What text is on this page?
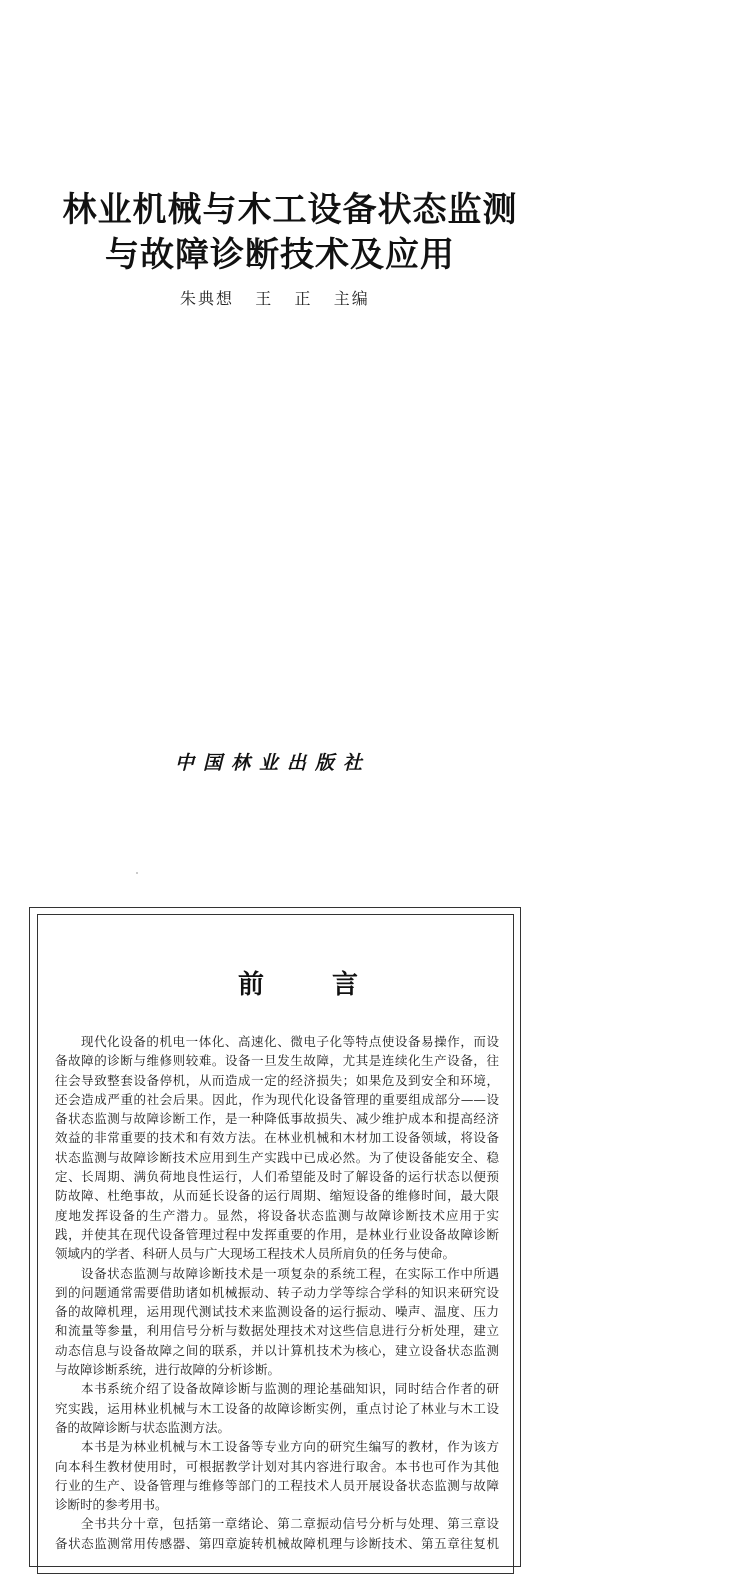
林业机械与木工设备状态监测
与故障诊断技术及应用
朱典想   王   正   主编
中国林业出版社
前	言
现代化设备的机电一体化、高速化、微电子化等特点使设备易操作，而设
备故障的诊断与维修则较难。设备一旦发生故障，尤其是连续化生产设备，往
往会导致整套设备停机，从而造成一定的经济损失；如果危及到安全和环境，
还会造成严重的社会后果。因此，作为现代化设备管理的重要组成部分——设
备状态监测与故障诊断工作，是一种降低事故损失、减少维护成本和提高经济
效益的非常重要的技术和有效方法。在林业机械和木材加工设备领域，将设备
状态监测与故障诊断技术应用到生产实践中已成必然。为了使设备能安全、稳
定、长周期、满负荷地良性运行，人们希望能及时了解设备的运行状态以便预
防故障、杜绝事故，从而延长设备的运行周期、缩短设备的维修时间，最大限
度地发挥设备的生产潜力。显然，将设备状态监测与故障诊断技术应用于实
践，并使其在现代设备管理过程中发挥重要的作用，是林业行业设备故障诊断
领域内的学者、科研人员与广大现场工程技术人员所肩负的任务与使命。
设备状态监测与故障诊断技术是一项复杂的系统工程，在实际工作中所遇
到的问题通常需要借助诸如机械振动、转子动力学等综合学科的知识来研究设
备的故障机理，运用现代测试技术来监测设备的运行振动、噪声、温度、压力
和流量等参量，利用信号分析与数据处理技术对这些信息进行分析处理，建立
动态信息与设备故障之间的联系，并以计算机技术为核心，建立设备状态监测
与故障诊断系统，进行故障的分析诊断。
本书系统介绍了设备故障诊断与监测的理论基础知识，同时结合作者的研
究实践，运用林业机械与木工设备的故障诊断实例，重点讨论了林业与木工设
备的故障诊断与状态监测方法。
本书是为林业机械与木工设备等专业方向的研究生编写的教材，作为该方
向本科生教材使用时，可根据教学计划对其内容进行取舍。本书也可作为其他
行业的生产、设备管理与维修等部门的工程技术人员开展设备状态监测与故障
诊断时的参考用书。
全书共分十章，包括第一章绪论、第二章振动信号分析与处理、第三章设
备状态监测常用传感器、第四章旋转机械故障机理与诊断技术、第五章往复机
